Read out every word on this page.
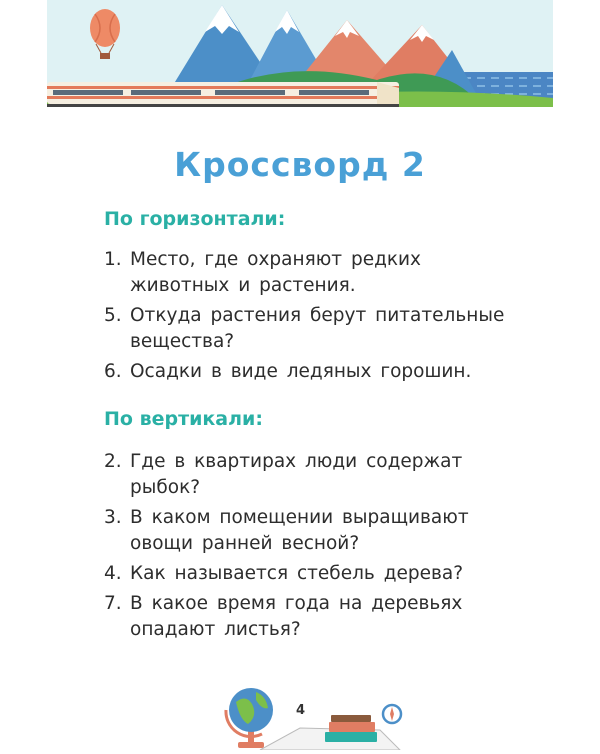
Кроссворд 2
По горизонтали:
1. Место, где охраняют редких животных и растения.
5. Откуда растения берут питательные вещества?
6. Осадки в виде ледяных горошин.
По вертикали:
2. Где в квартирах люди содержат рыбок?
3. В каком помещении выращивают овощи ранней весной?
4. Как называется стебель дерева?
7. В какое время года на деревьях опадают листья?
4
